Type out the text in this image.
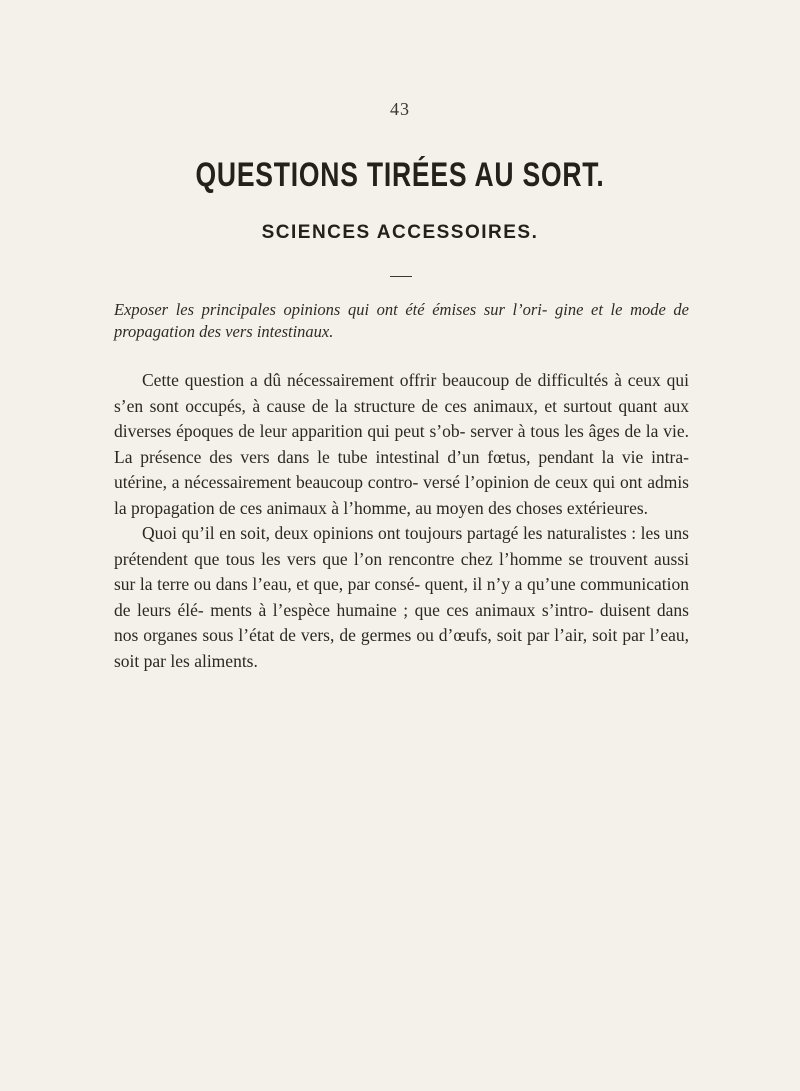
43
QUESTIONS TIRÉES AU SORT.
SCIENCES ACCESSOIRES.
Exposer les principales opinions qui ont été émises sur l’ori- gine et le mode de propagation des vers intestinaux.

Cette question a dû nécessairement offrir beaucoup de difficultés à ceux qui s’en sont occupés, à cause de la structure de ces animaux, et surtout quant aux diverses époques de leur apparition qui peut s’ob- server à tous les âges de la vie. La présence des vers dans le tube intestinal d’un fœtus, pendant la vie intra-utérine, a nécessairement beaucoup contro- versé l’opinion de ceux qui ont admis la propagation de ces animaux à l’homme, au moyen des choses extérieures.

Quoi qu’il en soit, deux opinions ont toujours partagé les naturalistes : les uns prétendent que tous les vers que l’on rencontre chez l’homme se trouvent aussi sur la terre ou dans l’eau, et que, par consé- quent, il n’y a qu’une communication de leurs élé- ments à l’espèce humaine ; que ces animaux s’intro- duisent dans nos organes sous l’état de vers, de germes ou d’œufs, soit par l’air, soit par l’eau, soit par les aliments.
